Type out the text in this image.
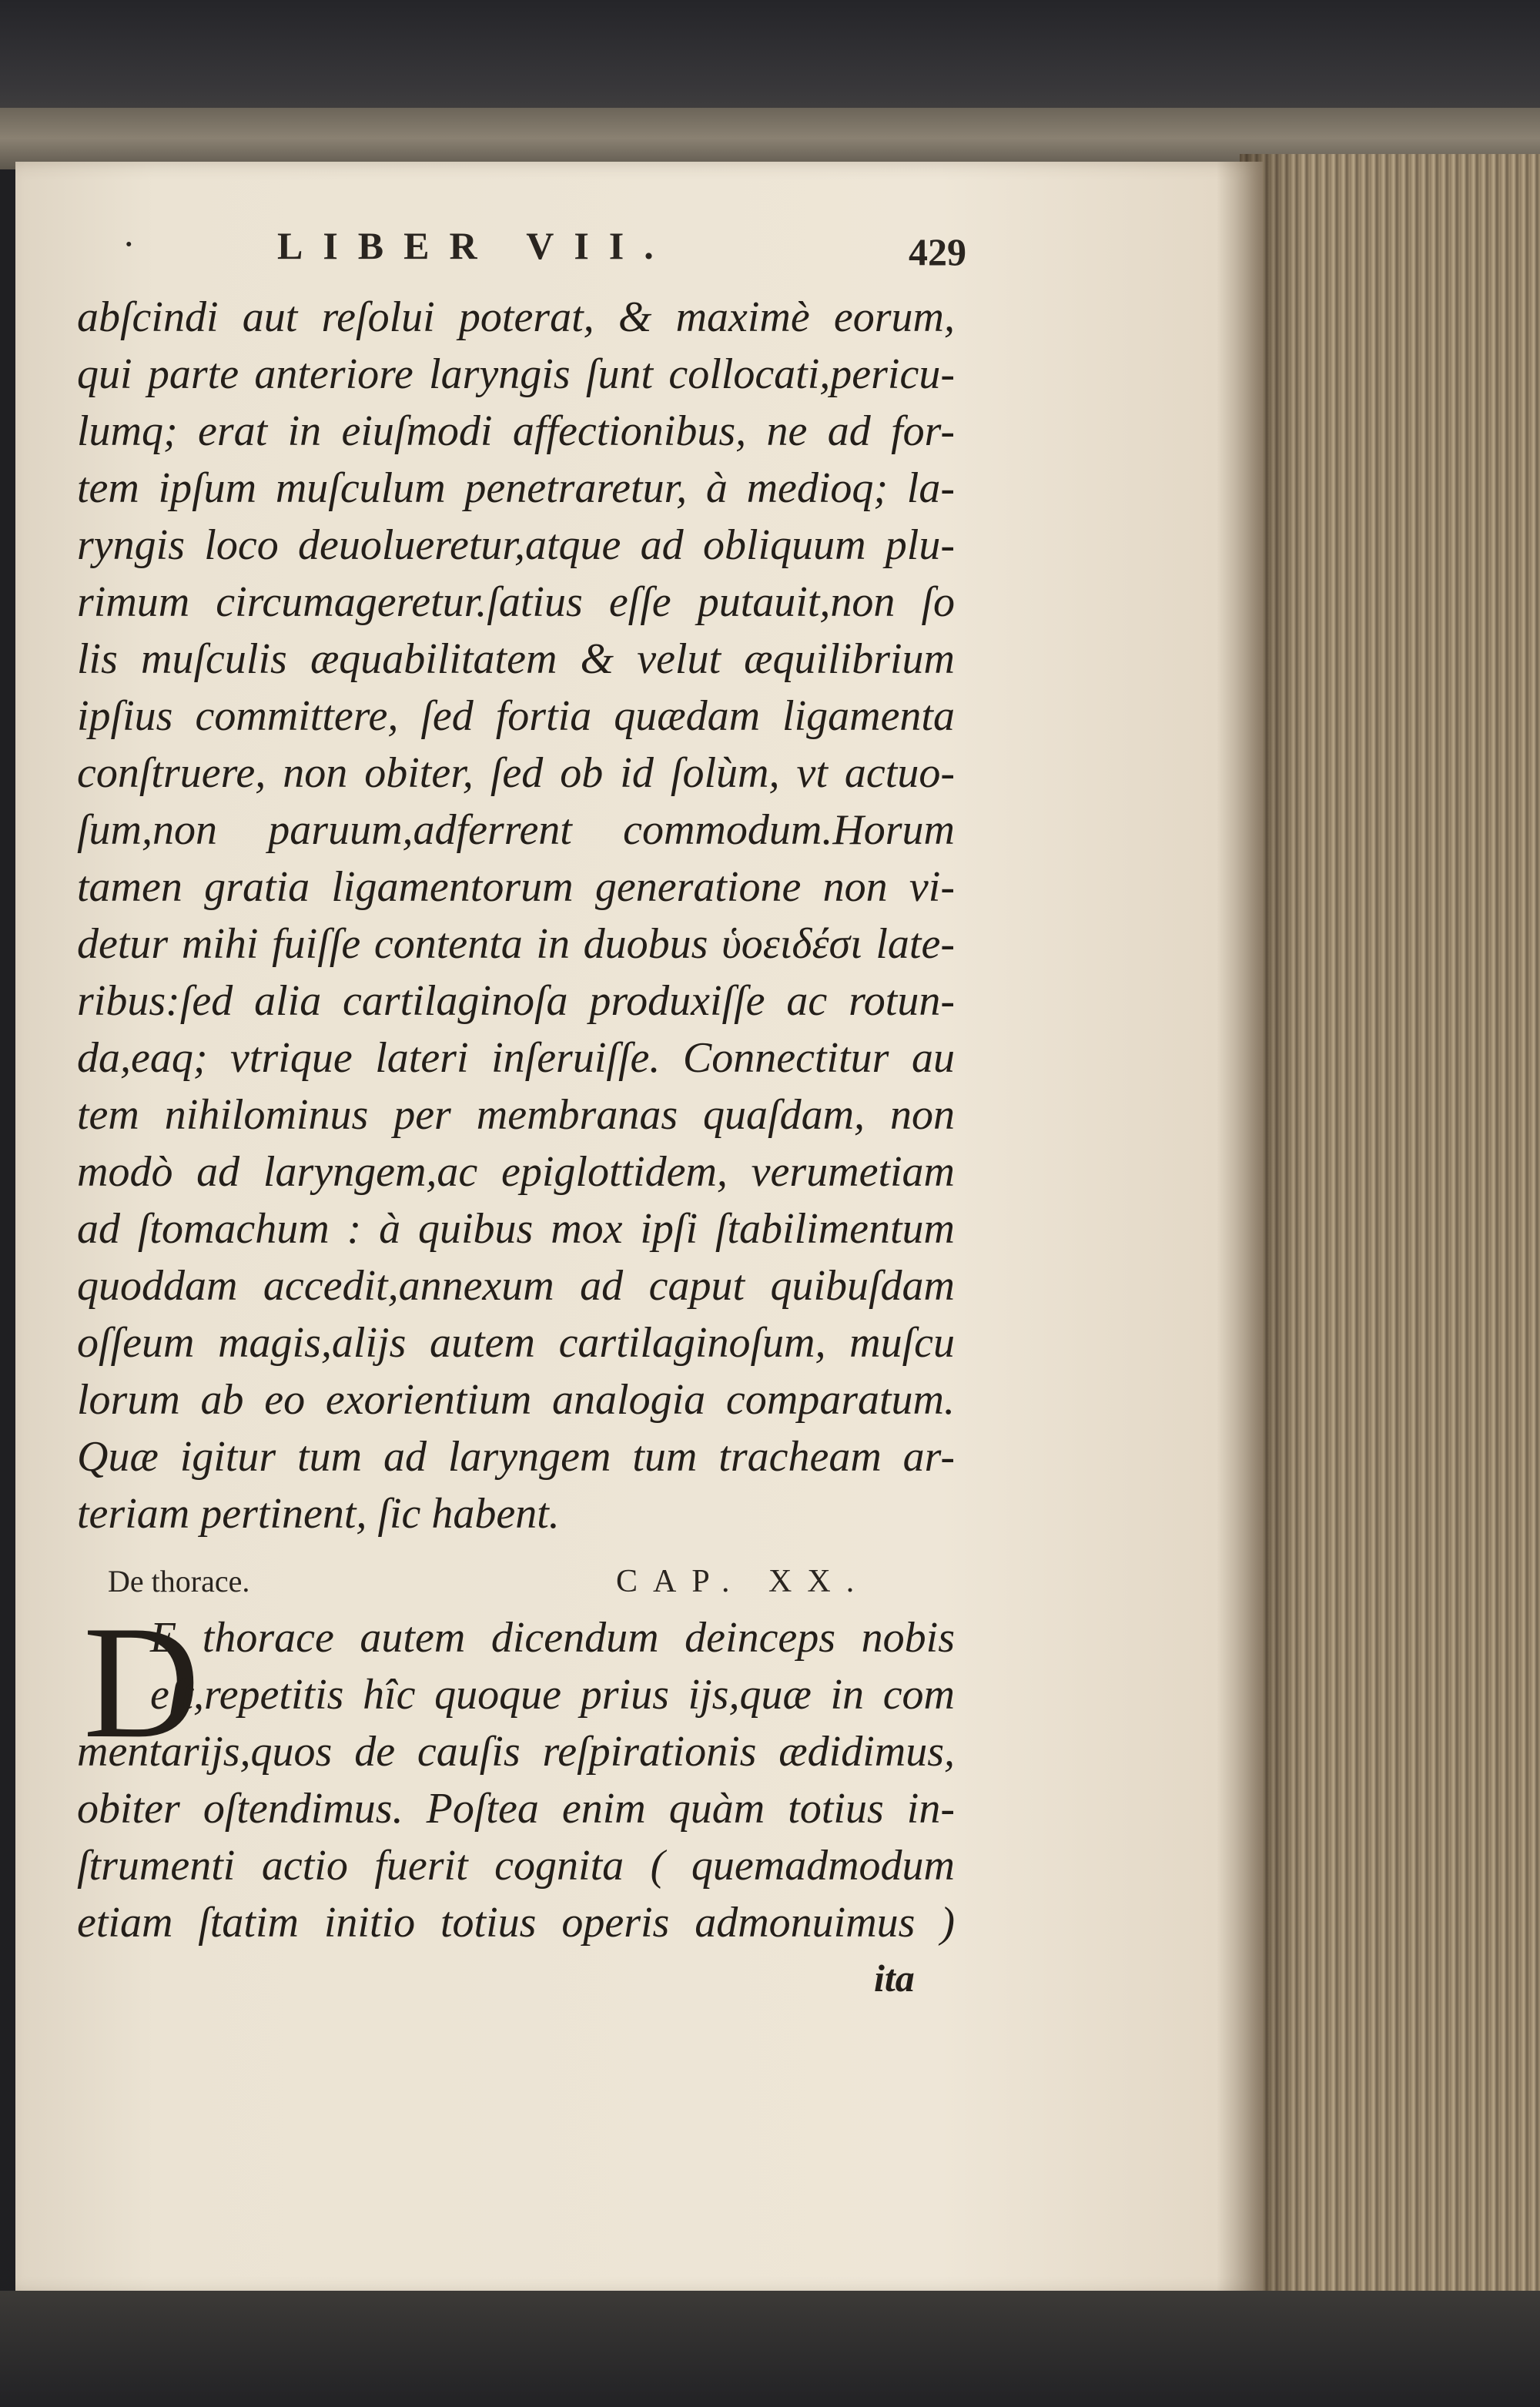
·	LIBER VII.	429
abſcindi aut reſolui poterat, & maximè eorum,
qui parte anteriore laryngis ſunt collocati,pericu-
lumq; erat in eiuſmodi affectionibus, ne ad for-
tem ipſum muſculum penetraretur, à medioq; la-
ryngis loco deuolueretur,atque ad obliquum plu-
rimum circumageretur.ſatius eſſe putauit,non ſo
lis muſculis æquabilitatem & velut æquilibrium
ipſius committere, ſed fortia quædam ligamenta
conſtruere, non obiter, ſed ob id ſolùm, vt actuo-
ſum,non paruum,adferrent commodum.Horum
tamen gratia ligamentorum generatione non vi-
detur mihi fuiſſe contenta in duobus ὑοειδέσι late-
ribus:ſed alia cartilaginoſa produxiſſe ac rotun-
da,eaq; vtrique lateri inſeruiſſe. Connectitur au
tem nihilominus per membranas quaſdam, non
modò ad laryngem,ac epiglottidem, verumetiam
ad ſtomachum : à quibus mox ipſi ſtabilimentum
quoddam accedit,annexum ad caput quibuſdam
oſſeum magis,alijs autem cartilaginoſum, muſcu
lorum ab eo exorientium analogia comparatum.
Quæ igitur tum ad laryngem tum tracheam ar-
teriam pertinent, ſic habent.
De thorace.	CAP. XX.
D
E thorace autem dicendum deinceps nobis
eſt,repetitis hîc quoque prius ijs,quæ in com
mentarijs,quos de cauſis reſpirationis ædidimus,
obiter oſtendimus. Poſtea enim quàm totius in-
ſtrumenti actio fuerit cognita ( quemadmodum
etiam ſtatim initio totius operis admonuimus )
ita
